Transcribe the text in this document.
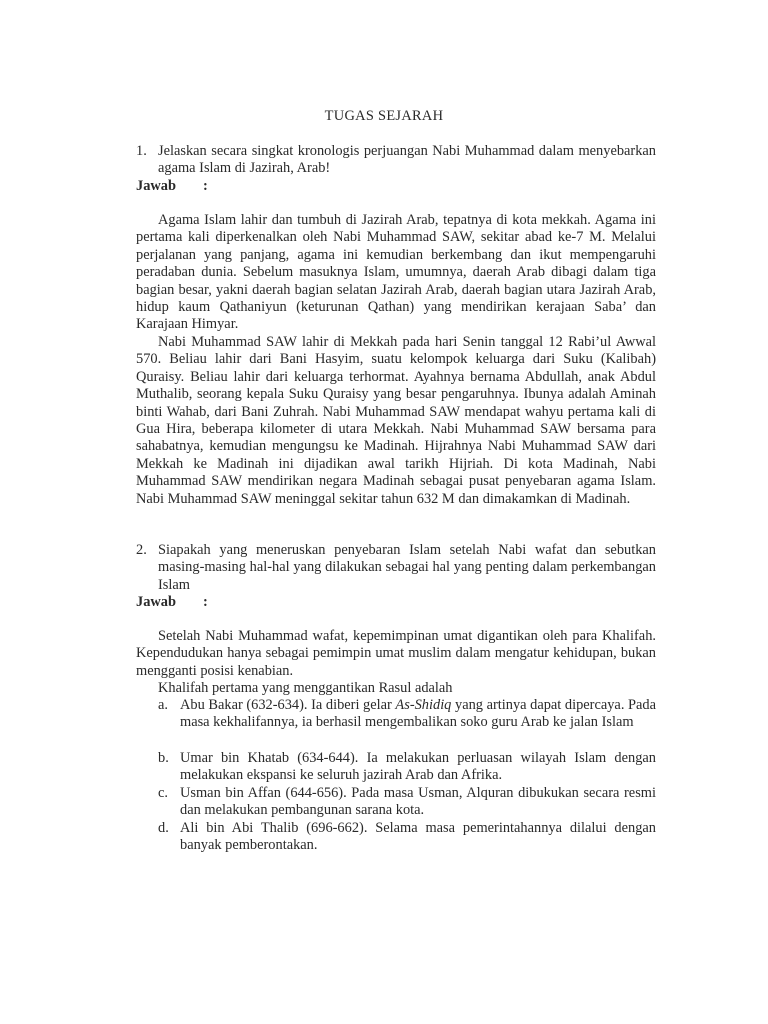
TUGAS SEJARAH
1. Jelaskan secara singkat kronologis perjuangan Nabi Muhammad dalam menyebarkan agama Islam di Jazirah, Arab!
Jawab :
Agama Islam lahir dan tumbuh di Jazirah Arab, tepatnya di kota mekkah. Agama ini pertama kali diperkenalkan oleh Nabi Muhammad SAW, sekitar abad ke-7 M. Melalui perjalanan yang panjang, agama ini kemudian berkembang dan ikut mempengaruhi peradaban dunia. Sebelum masuknya Islam, umumnya, daerah Arab dibagi dalam tiga bagian besar, yakni daerah bagian selatan Jazirah Arab, daerah bagian utara Jazirah Arab, hidup kaum Qathaniyun (keturunan Qathan) yang mendirikan kerajaan Saba’ dan Karajaan Himyar.
Nabi Muhammad SAW lahir di Mekkah pada hari Senin tanggal 12 Rabi’ul Awwal 570. Beliau lahir dari Bani Hasyim, suatu kelompok keluarga dari Suku (Kalibah) Quraisy. Beliau lahir dari keluarga terhormat. Ayahnya bernama Abdullah, anak Abdul Muthalib, seorang kepala Suku Quraisy yang besar pengaruhnya. Ibunya adalah Aminah binti Wahab, dari Bani Zuhrah. Nabi Muhammad SAW mendapat wahyu pertama kali di Gua Hira, beberapa kilometer di utara Mekkah. Nabi Muhammad SAW bersama para sahabatnya, kemudian mengungsu ke Madinah. Hijrahnya Nabi Muhammad SAW dari Mekkah ke Madinah ini dijadikan awal tarikh Hijriah. Di kota Madinah, Nabi Muhammad SAW mendirikan negara Madinah sebagai pusat penyebaran agama Islam. Nabi Muhammad SAW meninggal sekitar tahun 632 M dan dimakamkan di Madinah.
2. Siapakah yang meneruskan penyebaran Islam setelah Nabi wafat dan sebutkan masing-masing hal-hal yang dilakukan sebagai hal yang penting dalam perkembangan Islam
Jawab :
Setelah Nabi Muhammad wafat, kepemimpinan umat digantikan oleh para Khalifah. Kependudukan hanya sebagai pemimpin umat muslim dalam mengatur kehidupan, bukan mengganti posisi kenabian.
Khalifah pertama yang menggantikan Rasul adalah
a. Abu Bakar (632-634). Ia diberi gelar As-Shidiq yang artinya dapat dipercaya. Pada masa kekhalifannya, ia berhasil mengembalikan soko guru Arab ke jalan Islam
b. Umar bin Khatab (634-644). Ia melakukan perluasan wilayah Islam dengan melakukan ekspansi ke seluruh jazirah Arab dan Afrika.
c. Usman bin Affan (644-656). Pada masa Usman, Alquran dibukukan secara resmi dan melakukan pembangunan sarana kota.
d. Ali bin Abi Thalib (696-662). Selama masa pemerintahannya dilalui dengan banyak pemberontakan.
